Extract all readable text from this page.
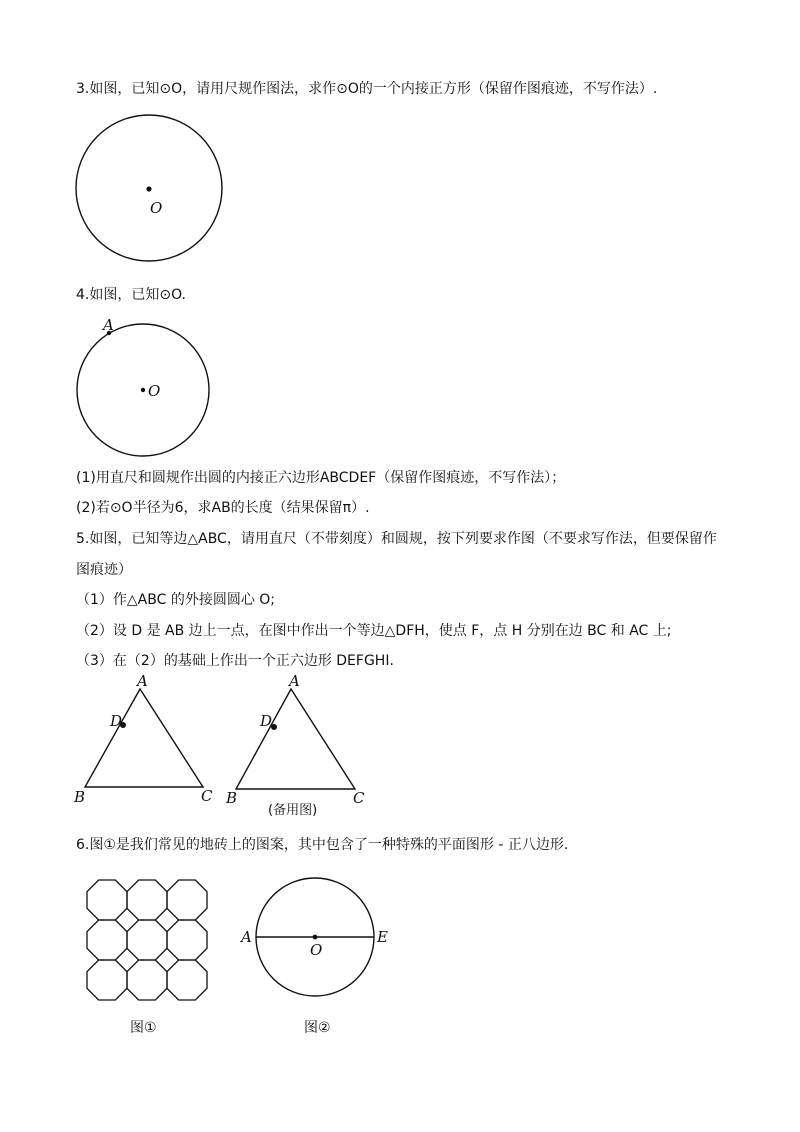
3.如图，已知⊙O，请用尺规作图法，求作⊙O的一个内接正方形（保留作图痕迹，不写作法）.
O
4.如图，已知⊙O.
A
O
(1)用直尺和圆规作出圆的内接正六边形ABCDEF（保留作图痕迹，不写作法）；
(2)若⊙O半径为6，求AB的长度（结果保留π）.
5.如图，已知等边△ABC，请用直尺（不带刻度）和圆规，按下列要求作图（不要求写作法，但要保留作
图痕迹）
（1）作△ABC 的外接圆圆心 O;
（2）设 D 是 AB 边上一点，在图中作出一个等边△DFH，使点 F，点 H 分别在边 BC 和 AC 上;
（3）在（2）的基础上作出一个正六边形 DEFGHI.
A
D
B	C
A
D
B	C
(备用图)
6.图①是我们常见的地砖上的图案，其中包含了一种特殊的平面图形 - 正八边形.
图①
A
O
E
图②
